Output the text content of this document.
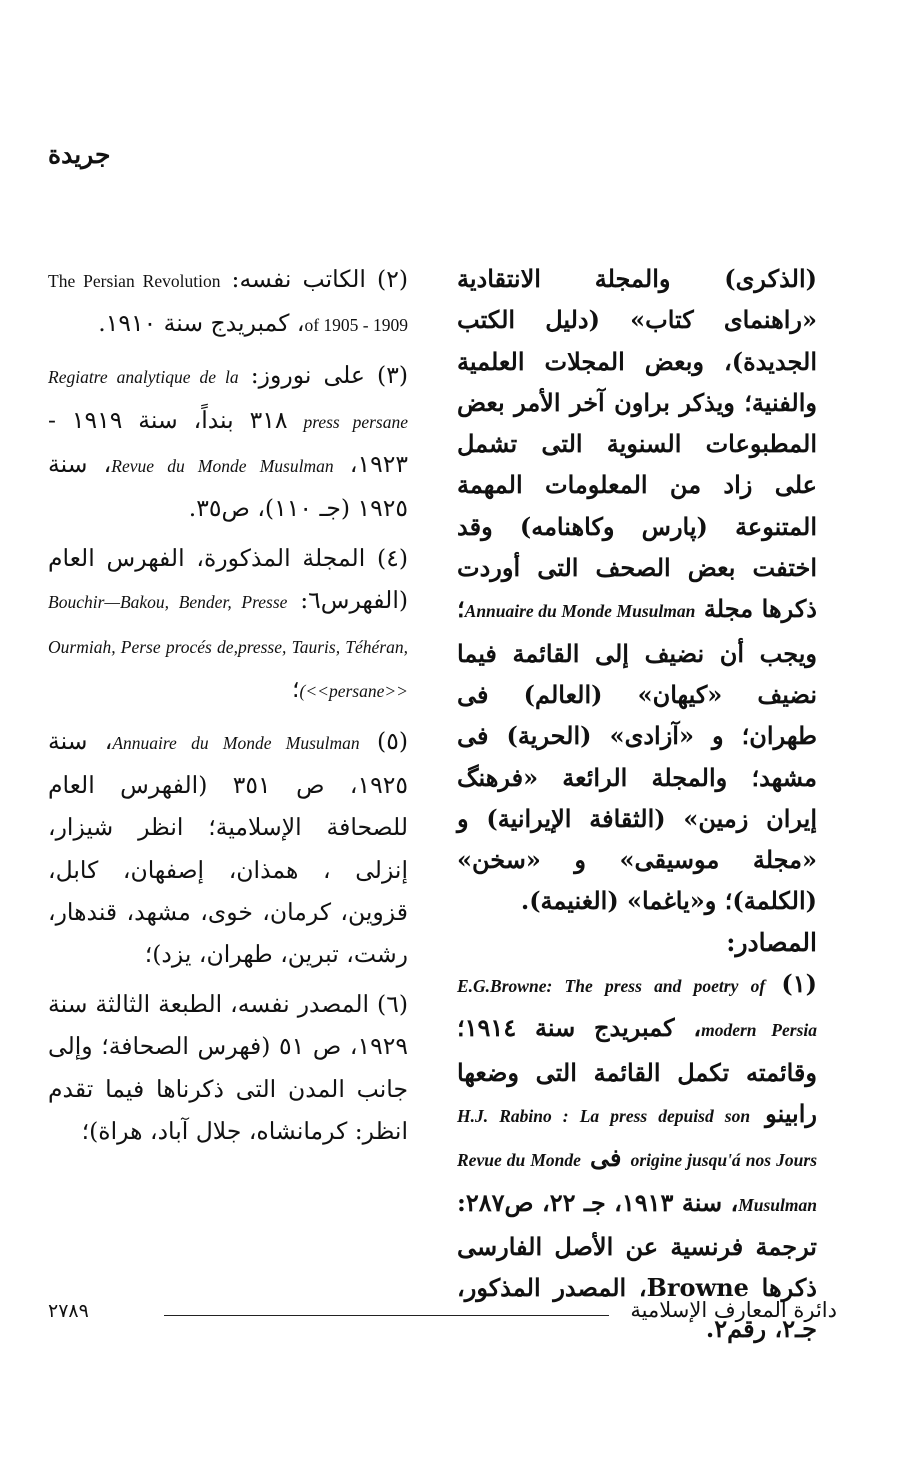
جريدة

(الذكرى) والمجلة الانتقادية «راهنماى كتاب» (دليل الكتب الجديدة)، وبعض المجلات العلمية والفنية؛ ويذكر براون آخر الأمر بعض المطبوعات السنوية التى تشمل على زاد من المعلومات المهمة المتنوعة (پارس وكاهنامه) وقد اختفت بعض الصحف التى أوردت ذكرها مجلة Annuaire du Monde Musulman؛ ويجب أن نضيف إلى القائمة فيما نضيف «كيهان» (العالم) فى طهران؛ و «آزادى» (الحرية) فى مشهد؛ والمجلة الرائعة «فرهنگ إيران زمين» (الثقافة الإيرانية) و «مجلة موسيقى» و «سخن» (الكلمة)؛ و«ياغما» (الغنيمة).

المصادر:

(١) E.G.Browne: The press and poetry of modern Persia، كمبريدج سنة ١٩١٤؛ وقائمته تكمل القائمة التى وضعها رابينو H.J. Rabino : La press depuisd son origine jusqu'á nos Jours فى Revue du Monde Musulman، سنة ١٩١٣، جـ ٢٢، ص٢٨٧: ترجمة فرنسية عن الأصل الفارسى ذكرها Browne، المصدر المذكور، جـ٢، رقم٢.

(٢) الكاتب نفسه: The Persian Revolution of 1905 - 1909، كمبريدج سنة ١٩١٠.

(٣) على نوروز: Regiatre analytique de la press persane ٣١٨ بنداً، سنة ١٩١٩ - ١٩٢٣، Revue du Monde Musulman، سنة ١٩٢٥ (جـ ١١٠)، ص٣٥.

(٤) المجلة المذكورة، الفهرس العام (الفهرس٦: Bouchir—Bakou, Bender, Presse Ourmiah, Perse procés de,presse, Tauris, Téhéran, (<<persane>>؛

(٥) Annuaire du Monde Musulman، سنة ١٩٢٥، ص ٣٥١ (الفهرس العام للصحافة الإسلامية؛ انظر شيزار، إنزلى ، همذان، إصفهان، كابل، قزوين، كرمان، خوى، مشهد، قندهار، رشت، تبرين، طهران، يزد)؛

(٦) المصدر نفسه، الطبعة الثالثة سنة ١٩٢٩، ص ٥١ (فهرس الصحافة؛ وإلى جانب المدن التى ذكرناها فيما تقدم انظر: كرمانشاه، جلال آباد، هراة)؛

دائرة المعارف الإسلامية
٢٧٨٩
